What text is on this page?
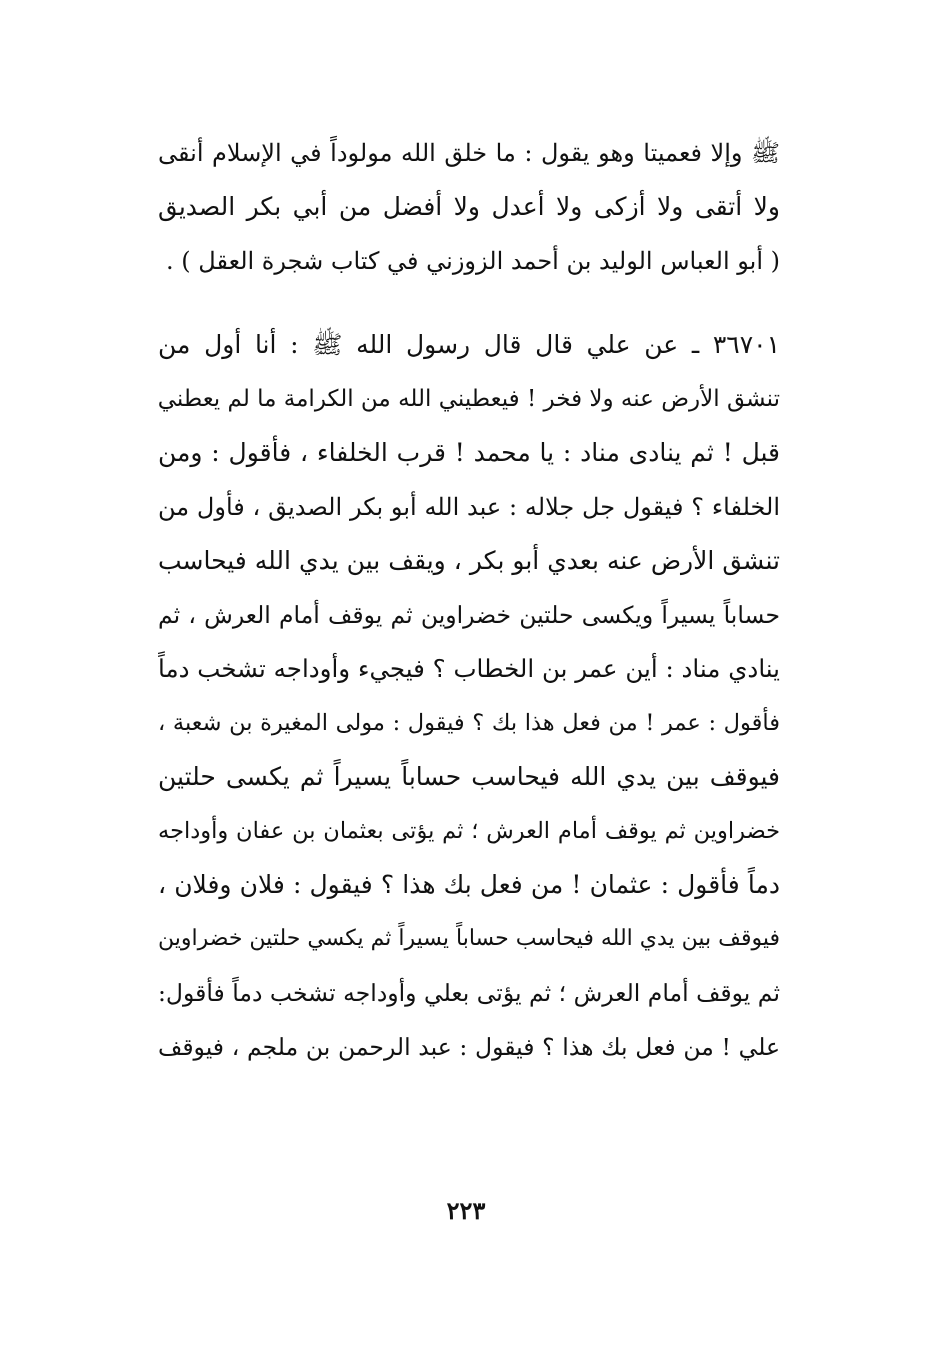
ﷺ وإلا فعميتا وهو يقول : ما خلق الله مولوداً في الإسلام أنقى
ولا أتقى ولا أزكى ولا أعدل ولا أفضل من أبي بكر الصديق
( أبو العباس الوليد بن أحمد الزوزني في كتاب شجرة العقل ) .
٣٦٧٠١ ـ عن علي قال قال رسول الله ﷺ : أنا أول من
تنشق الأرض عنه ولا فخر ! فيعطيني الله من الكرامة ما لم يعطني
قبل ! ثم ينادى مناد : يا محمد ! قرب الخلفاء ، فأقول : ومن
الخلفاء ؟ فيقول جل جلاله : عبد الله أبو بكر الصديق ، فأول من
تنشق الأرض عنه بعدي أبو بكر ، ويقف بين يدي الله فيحاسب
حساباً يسيراً ويكسى حلتين خضراوين ثم يوقف أمام العرش ، ثم
ينادي مناد : أين عمر بن الخطاب ؟ فيجيء وأوداجه تشخب دماً
فأقول : عمر ! من فعل هذا بك ؟ فيقول : مولى المغيرة بن شعبة ،
فيوقف بين يدي الله فيحاسب حساباً يسيراً ثم يكسى حلتين
خضراوين ثم يوقف أمام العرش ؛ ثم يؤتى بعثمان بن عفان وأوداجه
دماً فأقول : عثمان ! من فعل بك هذا ؟ فيقول : فلان وفلان ،
فيوقف بين يدي الله فيحاسب حساباً يسيراً ثم يكسي حلتين خضراوين
ثم يوقف أمام العرش ؛ ثم يؤتى بعلي وأوداجه تشخب دماً فأقول:
علي ! من فعل بك هذا ؟ فيقول : عبد الرحمن بن ملجم ، فيوقف
٢٢٣
